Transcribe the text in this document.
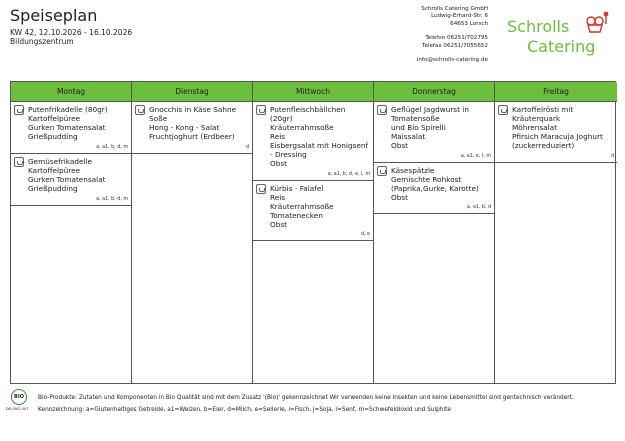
Speiseplan
KW 42, 12.10.2026 - 16.10.2026
Bildungszentrum
Schrolls Catering GmbH
Ludwig-Erhard-Str. 6
64653 Lorsch
Telefon 06251/702795
Telefax 06251/7055652
info@schrolls-catering.de
Schrolls
Catering
Montag
Putenfrikadelle (80gr)
Kartoffelpüree
Gurken Tomatensalat
Grießpudding
a, a1, b, d, m
Gemüsefrikadelle
Kartoffelpüree
Gurken Tomatensalat
Grießpudding
a, a1, b, d, m
Dienstag
Gnocchis in Käse Sahne
Soße
Hong - Kong - Salat
Fruchtjoghurt (Erdbeer)
d
Mittwoch
Putenfleischbällchen
(20gr)
Kräuterrahmsoße
Reis
Eisbergsalat mit Honigsenf
- Dressing
Obst
a, a1, b, d, e, l, m
Kürbis - Falafel
Reis
Kräuterrahmsoße
Tomatenecken
Obst
d, e
Donnerstag
Geflügel Jagdwurst in
Tomatensoße
und Bio Spirelli
Maissalat
Obst
a, a1, e, l, m
Käsespätzle
Gemischte Rohkost
(Paprika,Gurke, Karotte)
Obst
a, a1, b, d
Freitag
Kartoffelrösti mit
Kräuterquark
Möhrensalat
Pfirsich Maracuja Joghurt
(zuckerreduziert)
d
BIO
DE-ÖKO-007
Bio-Produkte: Zutaten und Komponenten in Bio Qualität sind mit dem Zusatz '(Bio)' gekennzeichnet Wir verwenden keine Insekten und keine Lebensmittel sind gentechnisch verändert.
Kennzeichnung: a=Glutenhaltiges Getreide, a1=Weizen, b=Eier, d=Milch, e=Sellerie, i=Fisch, j=Soja, l=Senf, m=Schwefeldioxid und Sulphite
